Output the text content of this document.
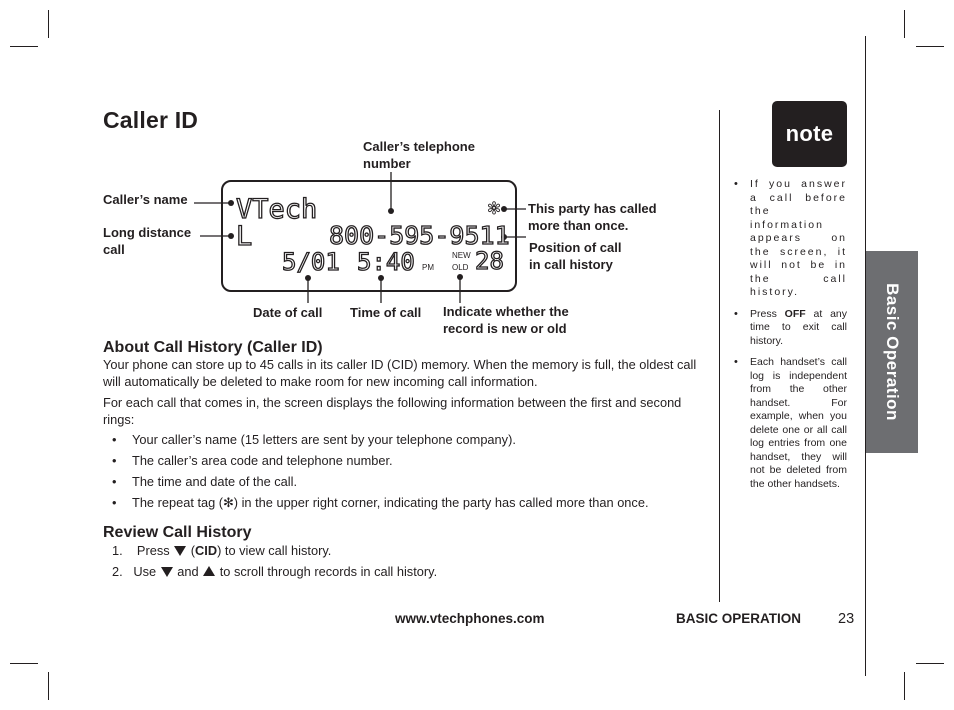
Caller ID
Caller’s telephone number
Caller’s name
Long distance call
This party has called more than once.
Position of call in call history
Date of call Time of call Indicate whether the record is new or old
VTech	✻
L	800-595-9511
5/01 5:40 PM
NEW
OLD 28
About Call History (Caller ID)
Your phone can store up to 45 calls in its caller ID (CID) memory. When the memory is full, the oldest call will automatically be deleted to make room for new incoming call information.
For each call that comes in, the screen displays the following information between the first and second rings:
• Your caller’s name (15 letters are sent by your telephone company).
• The caller’s area code and telephone number.
• The time and date of the call.
• The repeat tag (✻) in the upper right corner, indicating the party has called more than once.
Review Call History
1. Press  (CID) to view call history.
2. Use and to scroll through records in call history.
note
• If you answer a call before the information appears on the screen, it will not be in the call history.
• Press OFF at any time to exit call history.
• Each handset’s call log is independent from the other handset. For example, when you delete one or all call log entries from one handset, they will not be deleted from the other handsets.
Basic Operation
www.vtechphones.com	BASIC OPERATION	23
